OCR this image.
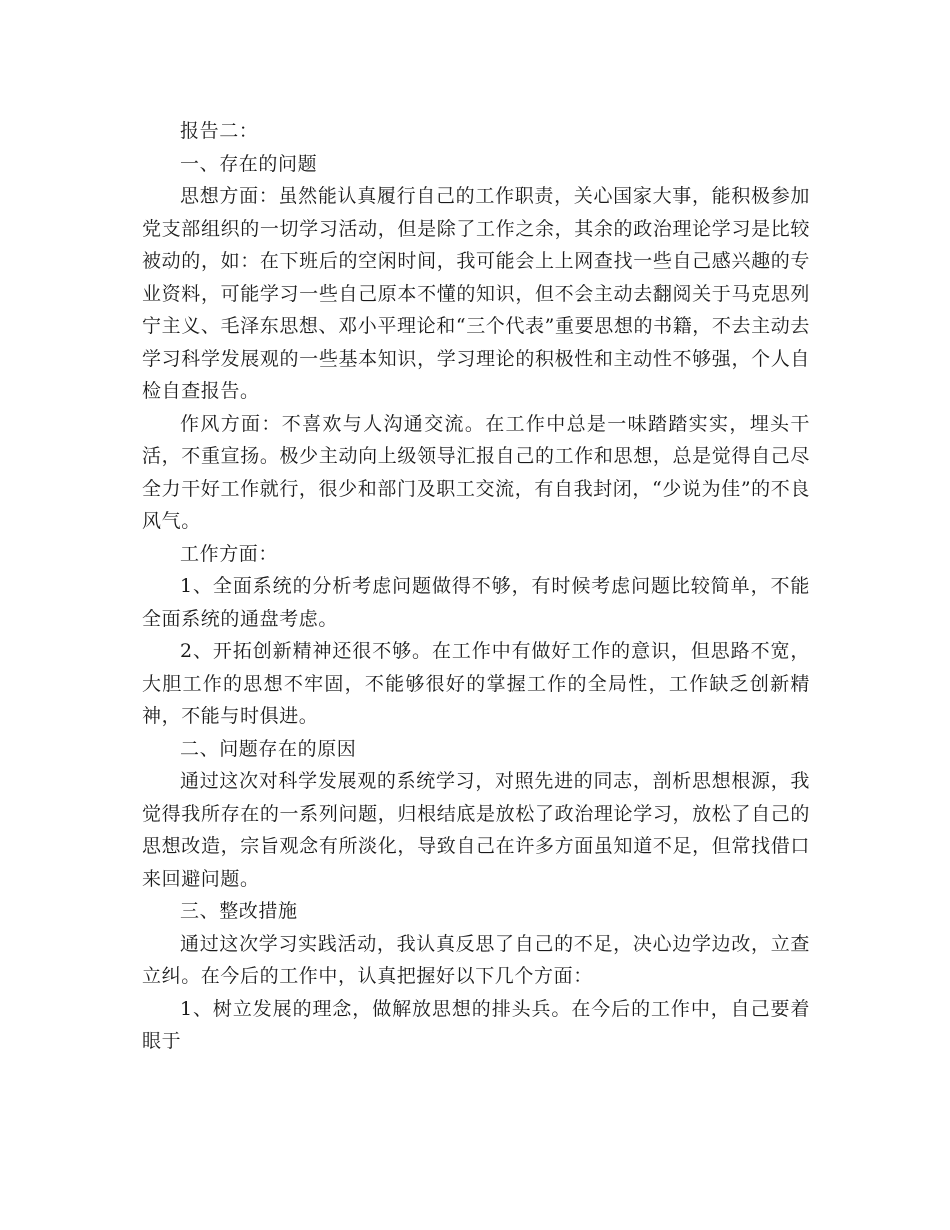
报告二：

一、存在的问题

思想方面：虽然能认真履行自己的工作职责，关心国家大事，能积极参加党支部组织的一切学习活动，但是除了工作之余，其余的政治理论学习是比较被动的，如：在下班后的空闲时间，我可能会上上网查找一些自己感兴趣的专业资料，可能学习一些自己原本不懂的知识，但不会主动去翻阅关于马克思列宁主义、毛泽东思想、邓小平理论和“三个代表”重要思想的书籍，不去主动去学习科学发展观的一些基本知识，学习理论的积极性和主动性不够强，个人自检自查报告。

作风方面：不喜欢与人沟通交流。在工作中总是一味踏踏实实，埋头干活，不重宣扬。极少主动向上级领导汇报自己的工作和思想，总是觉得自己尽全力干好工作就行，很少和部门及职工交流，有自我封闭，“少说为佳”的不良风气。

工作方面：

1、全面系统的分析考虑问题做得不够，有时候考虑问题比较简单，不能全面系统的通盘考虑。

2、开拓创新精神还很不够。在工作中有做好工作的意识，但思路不宽，大胆工作的思想不牢固，不能够很好的掌握工作的全局性，工作缺乏创新精神，不能与时俱进。

二、问题存在的原因

通过这次对科学发展观的系统学习，对照先进的同志，剖析思想根源，我觉得我所存在的一系列问题，归根结底是放松了政治理论学习，放松了自己的思想改造，宗旨观念有所淡化，导致自己在许多方面虽知道不足，但常找借口来回避问题。

三、整改措施

通过这次学习实践活动，我认真反思了自己的不足，决心边学边改，立查立纠。在今后的工作中，认真把握好以下几个方面：

1、树立发展的理念，做解放思想的排头兵。在今后的工作中，自己要着眼于
